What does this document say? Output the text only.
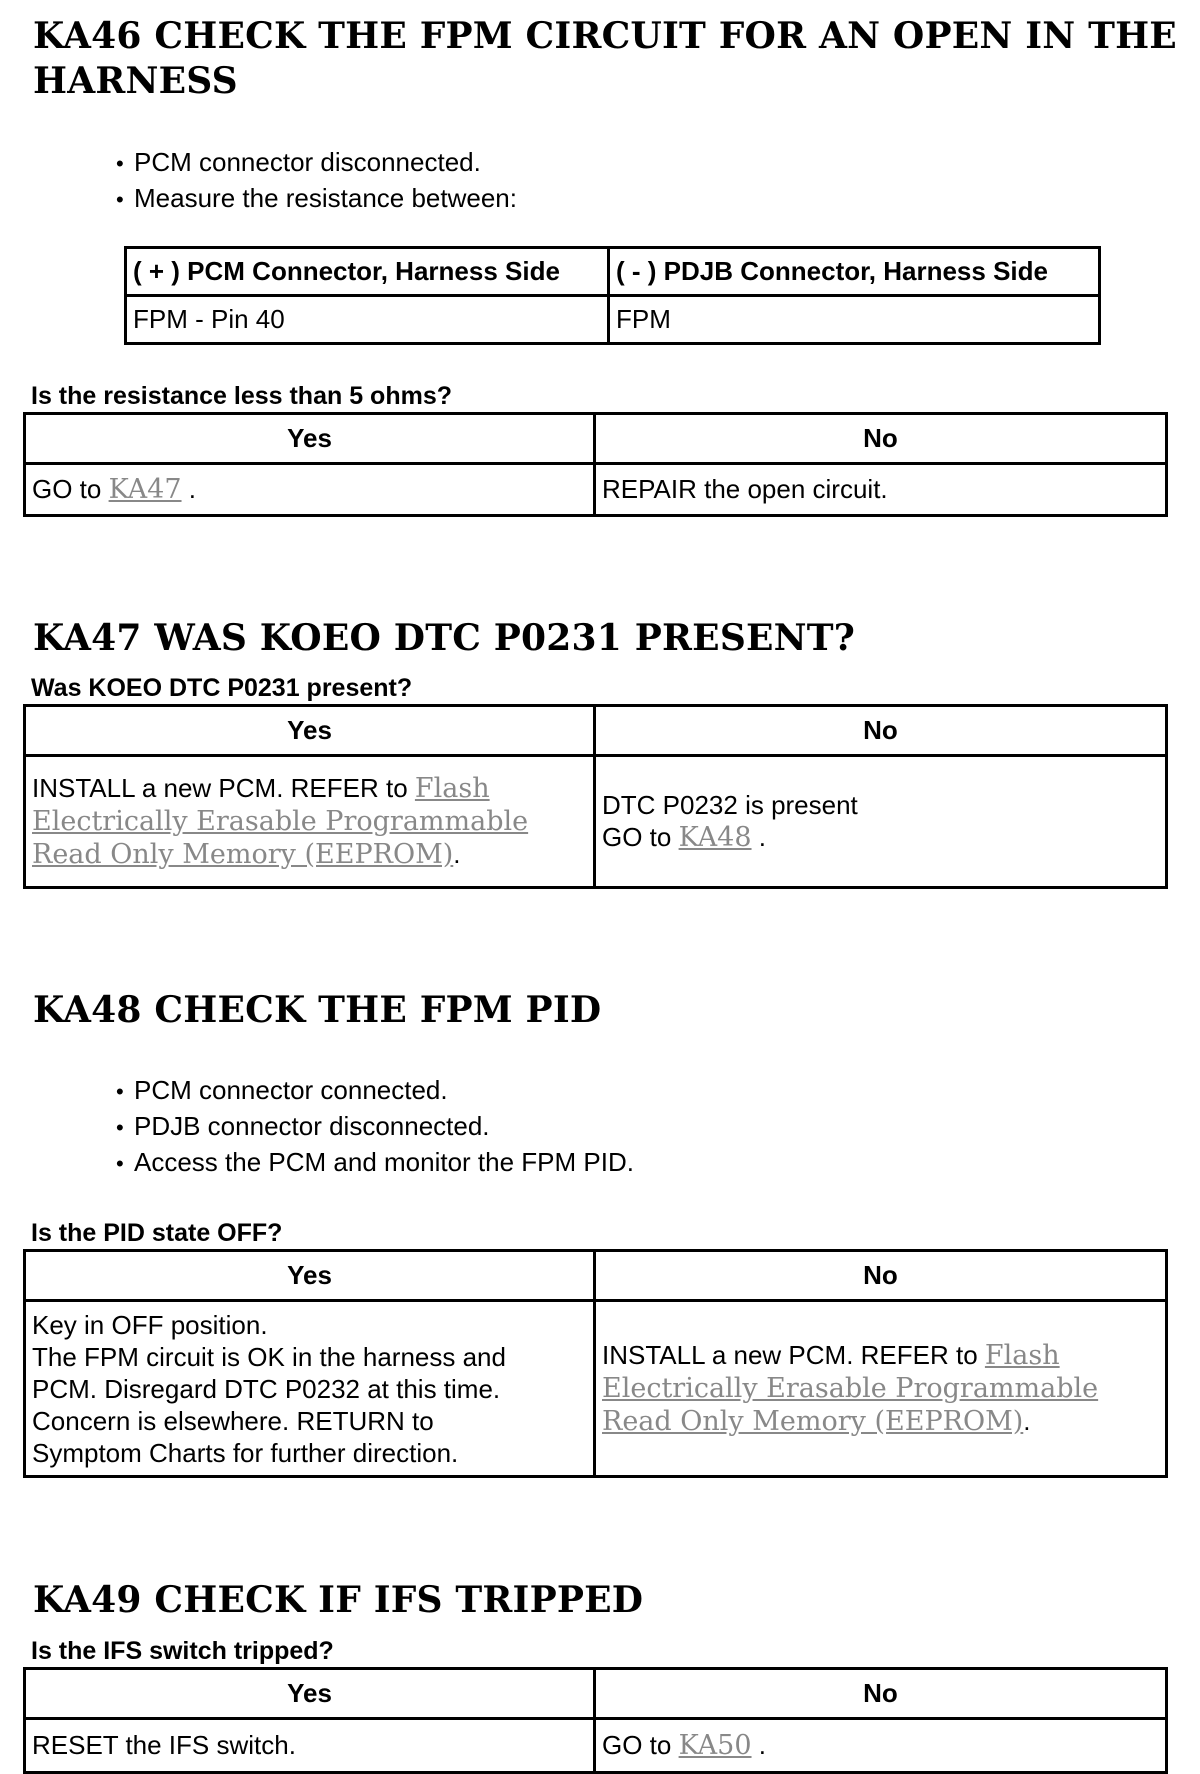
KA46 CHECK THE FPM CIRCUIT FOR AN OPEN IN THE
HARNESS
• PCM connector disconnected.
• Measure the resistance between:
( + ) PCM Connector, Harness Side	( - ) PDJB Connector, Harness Side
FPM - Pin 40	FPM

Is the resistance less than 5 ohms?

Yes	No
GO to KA47 .	REPAIR the open circuit.
KA47 WAS KOEO DTC P0231 PRESENT?

Was KOEO DTC P0231 present?

Yes	No

INSTALL a new PCM. REFER to Flash
Electrically Erasable Programmable
Read Only Memory (EEPROM).	DTC P0232 is present
GO to KA48 .
KA48 CHECK THE FPM PID
• PCM connector connected.
• PDJB connector disconnected.
• Access the PCM and monitor the FPM PID.

Is the PID state OFF?

Yes	No

Key in OFF position.
The FPM circuit is OK in the harness and
PCM. Disregard DTC P0232 at this time.
Concern is elsewhere. RETURN to
Symptom Charts for further direction.	INSTALL a new PCM. REFER to Flash
Electrically Erasable Programmable
Read Only Memory (EEPROM).
KA49 CHECK IF IFS TRIPPED

Is the IFS switch tripped?

Yes	No
RESET the IFS switch.	GO to KA50 .
